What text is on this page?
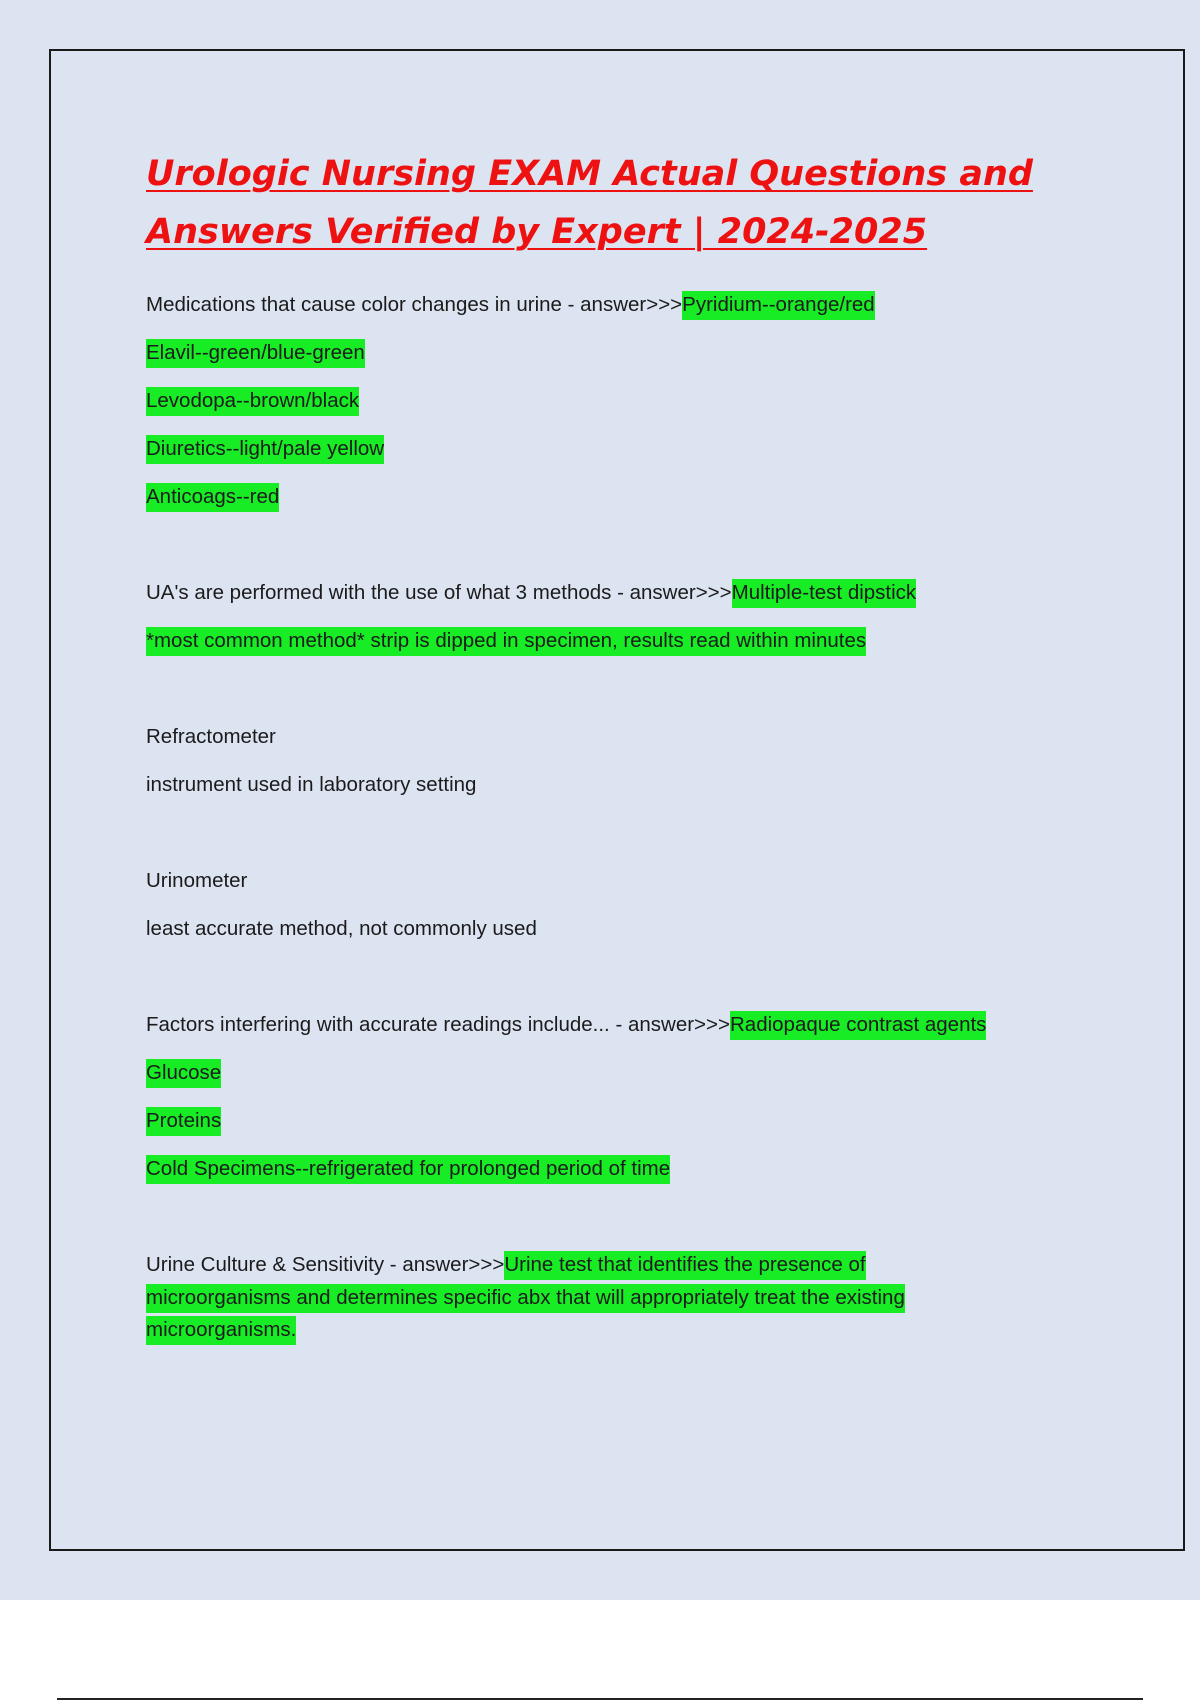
Urologic Nursing EXAM Actual Questions and Answers Verified by Expert | 2024-2025
Medications that cause color changes in urine - answer>>>Pyridium--orange/red
Elavil--green/blue-green
Levodopa--brown/black
Diuretics--light/pale yellow
Anticoags--red
UA's are performed with the use of what 3 methods - answer>>>Multiple-test dipstick
*most common method* strip is dipped in specimen, results read within minutes
Refractometer
instrument used in laboratory setting
Urinometer
least accurate method, not commonly used
Factors interfering with accurate readings include... - answer>>>Radiopaque contrast agents
Glucose
Proteins
Cold Specimens--refrigerated for prolonged period of time
Urine Culture & Sensitivity - answer>>>Urine test that identifies the presence of microorganisms and determines specific abx that will appropriately treat the existing microorganisms.
